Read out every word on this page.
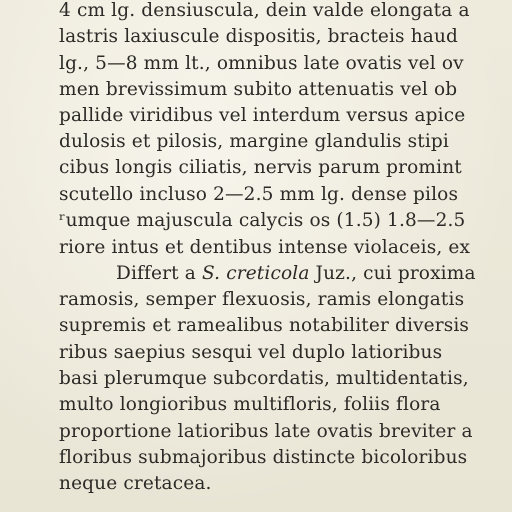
4 cm lg. densiuscula, dein valde elongata a
lastris laxiuscule dispositis, bracteis haud
lg., 5—8 mm lt., omnibus late ovatis vel ov
men brevissimum subito attenuatis vel ob
pallide viridibus vel interdum versus apice
dulosis et pilosis, margine glandulis stipi
cibus longis ciliatis, nervis parum promint
scutello incluso 2—2.5 mm lg. dense pilos
ʳumque majuscula calycis os (1.5) 1.8—2.5
riore intus et dentibus intense violaceis, ex
Differt a S. creticola Juz., cui proxima
ramosis, semper flexuosis, ramis elongatis
supremis et ramealibus notabiliter diversis
ribus saepius sesqui vel duplo latioribus
basi plerumque subcordatis, multidentatis,
multo longioribus multifloris, foliis flora
proportione latioribus late ovatis breviter a
floribus submajoribus distincte bicoloribus
neque cretacea.
